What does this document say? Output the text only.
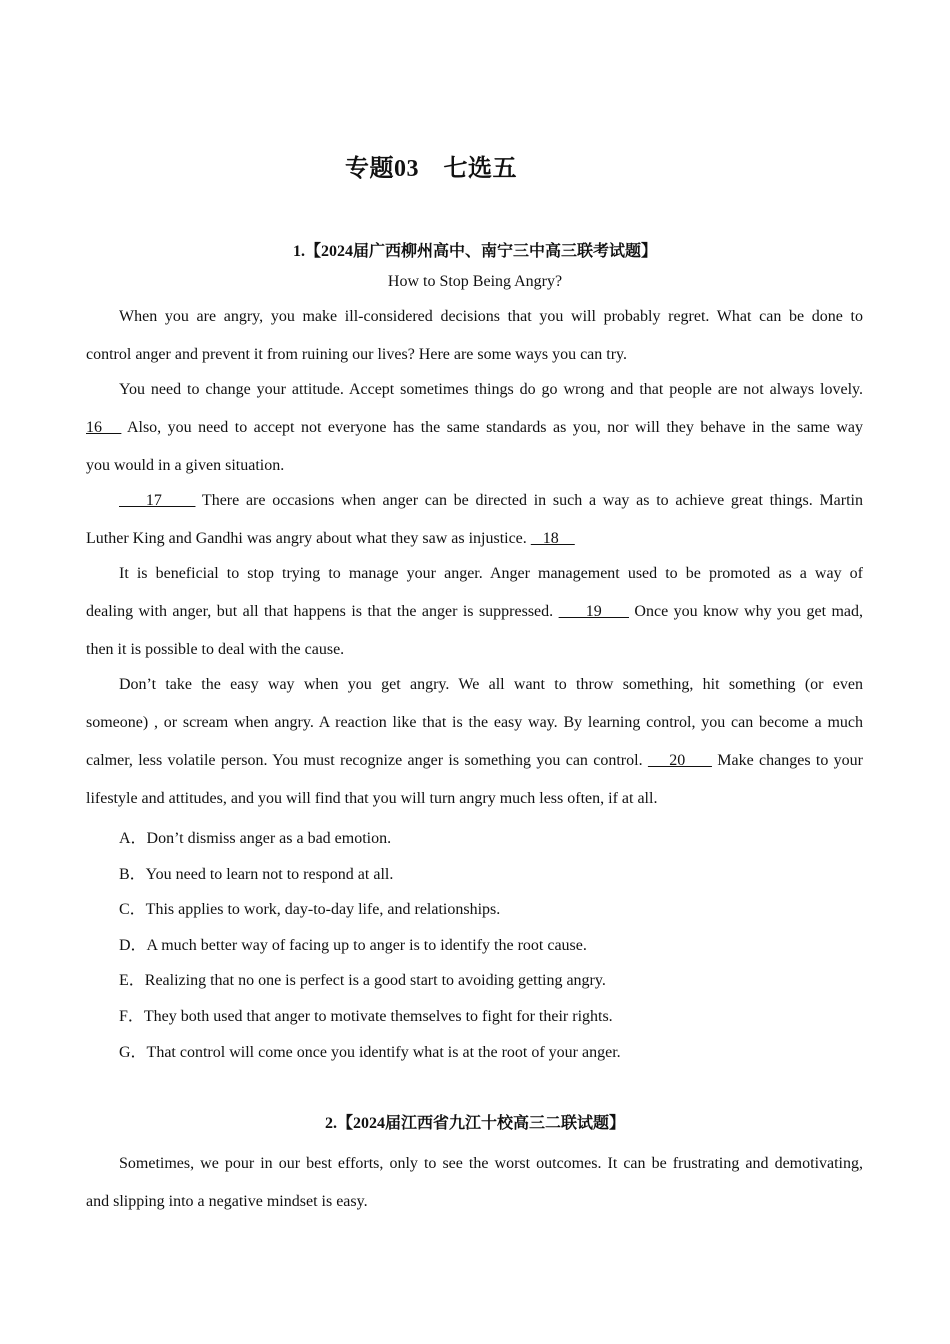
专题03　七选五
1.【2024届广西柳州高中、南宁三中高三联考试题】
How to Stop Being Angry?
When you are angry, you make ill-considered decisions that you will probably regret. What can be done to
control anger and prevent it from ruining our lives? Here are some ways you can try.
You need to change your attitude. Accept sometimes things do go wrong and that people are not always lovely.
16    Also, you need to accept not everyone has the same standards as you, nor will they behave in the same way
you would in a given situation.
17      There are occasions when anger can be directed in such a way as to achieve great things. Martin
Luther King and Gandhi was angry about what they saw as injustice.    18
It is beneficial to stop trying to manage your anger. Anger management used to be promoted as a way of
dealing with anger, but all that happens is that the anger is suppressed.      19      Once you know why you get mad,
then it is possible to deal with the cause.
Don’t take the easy way when you get angry. We all want to throw something, hit something (or even
someone) , or scream when angry. A reaction like that is the easy way. By learning control, you can become a much
calmer, less volatile person. You must recognize anger is something you can control.     20      Make changes to your
lifestyle and attitudes, and you will find that you will turn angry much less often, if at all.
A．Don’t dismiss anger as a bad emotion.
B．You need to learn not to respond at all.
C．This applies to work, day-to-day life, and relationships.
D．A much better way of facing up to anger is to identify the root cause.
E．Realizing that no one is perfect is a good start to avoiding getting angry.
F．They both used that anger to motivate themselves to fight for their rights.
G．That control will come once you identify what is at the root of your anger.
2.【2024届江西省九江十校高三二联试题】
Sometimes, we pour in our best efforts, only to see the worst outcomes. It can be frustrating and demotivating,
and slipping into a negative mindset is easy.
